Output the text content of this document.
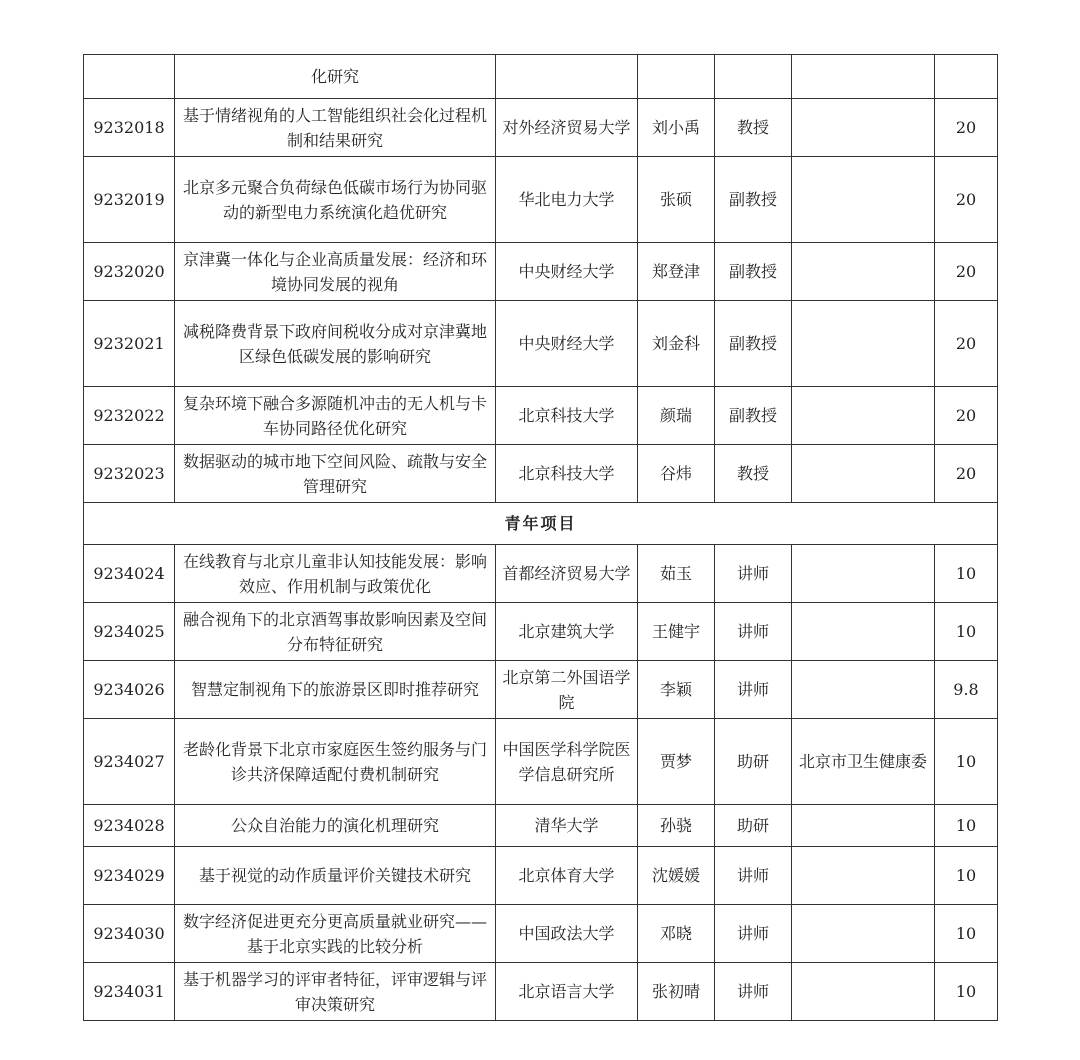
	化研究					
9232018	基于情绪视角的人工智能组织社会化过程机制和结果研究	对外经济贸易大学	刘小禹	教授		20
9232019	北京多元聚合负荷绿色低碳市场行为协同驱动的新型电力系统演化趋优研究	华北电力大学	张硕	副教授		20
9232020	京津冀一体化与企业高质量发展：经济和环境协同发展的视角	中央财经大学	郑登津	副教授		20
9232021	减税降费背景下政府间税收分成对京津冀地区绿色低碳发展的影响研究	中央财经大学	刘金科	副教授		20
9232022	复杂环境下融合多源随机冲击的无人机与卡车协同路径优化研究	北京科技大学	颜瑞	副教授		20
9232023	数据驱动的城市地下空间风险、疏散与安全管理研究	北京科技大学	谷炜	教授		20
青年项目						
9234024	在线教育与北京儿童非认知技能发展：影响效应、作用机制与政策优化	首都经济贸易大学	茹玉	讲师		10
9234025	融合视角下的北京酒驾事故影响因素及空间分布特征研究	北京建筑大学	王健宇	讲师		10
9234026	智慧定制视角下的旅游景区即时推荐研究	北京第二外国语学院	李颖	讲师		9.8
9234027	老龄化背景下北京市家庭医生签约服务与门诊共济保障适配付费机制研究	中国医学科学院医学信息研究所	贾梦	助研	北京市卫生健康委	10
9234028	公众自治能力的演化机理研究	清华大学	孙骁	助研		10
9234029	基于视觉的动作质量评价关键技术研究	北京体育大学	沈媛媛	讲师		10
9234030	数字经济促进更充分更高质量就业研究——基于北京实践的比较分析	中国政法大学	邓晓	讲师		10
9234031	基于机器学习的评审者特征，评审逻辑与评审决策研究	北京语言大学	张初晴	讲师		10
